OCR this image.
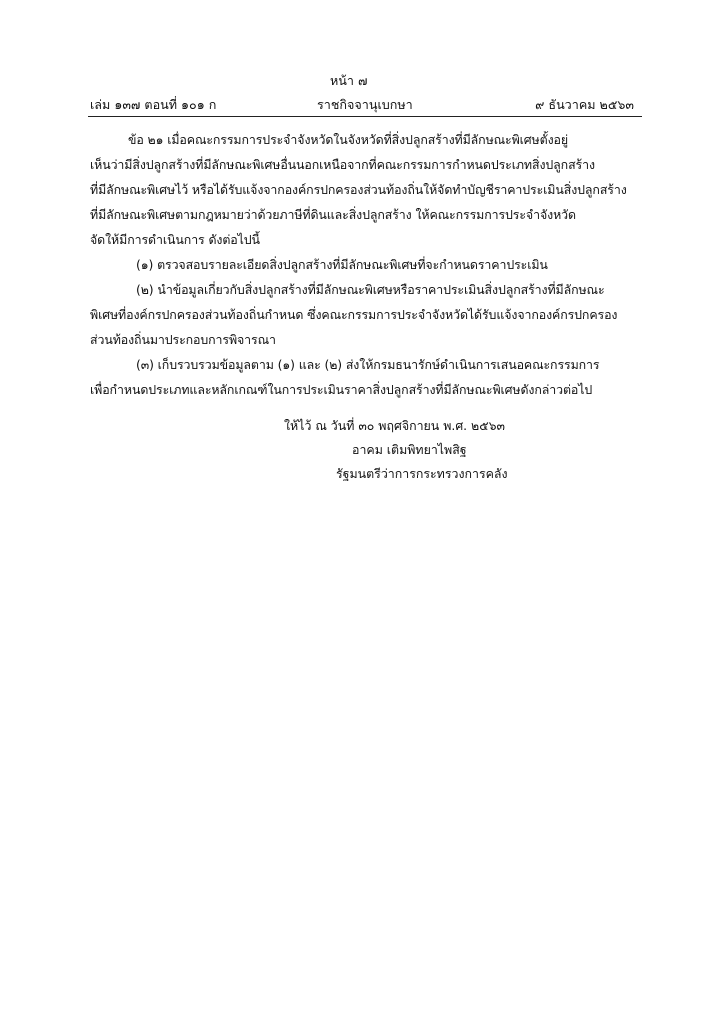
หน้า ๗
เล่ม ๑๓๗ ตอนที่ ๑๐๑ ก	ราชกิจจานุเบกษา	๙ ธันวาคม ๒๕๖๓
ข้อ ๒๑ เมื่อคณะกรรมการประจำจังหวัดในจังหวัดที่สิ่งปลูกสร้างที่มีลักษณะพิเศษตั้งอยู่
เห็นว่ามีสิ่งปลูกสร้างที่มีลักษณะพิเศษอื่นนอกเหนือจากที่คณะกรรมการกำหนดประเภทสิ่งปลูกสร้าง
ที่มีลักษณะพิเศษไว้ หรือได้รับแจ้งจากองค์กรปกครองส่วนท้องถิ่นให้จัดทำบัญชีราคาประเมินสิ่งปลูกสร้าง
ที่มีลักษณะพิเศษตามกฎหมายว่าด้วยภาษีที่ดินและสิ่งปลูกสร้าง ให้คณะกรรมการประจำจังหวัด
จัดให้มีการดำเนินการ ดังต่อไปนี้
(๑) ตรวจสอบรายละเอียดสิ่งปลูกสร้างที่มีลักษณะพิเศษที่จะกำหนดราคาประเมิน
(๒) นำข้อมูลเกี่ยวกับสิ่งปลูกสร้างที่มีลักษณะพิเศษหรือราคาประเมินสิ่งปลูกสร้างที่มีลักษณะ
พิเศษที่องค์กรปกครองส่วนท้องถิ่นกำหนด ซึ่งคณะกรรมการประจำจังหวัดได้รับแจ้งจากองค์กรปกครอง
ส่วนท้องถิ่นมาประกอบการพิจารณา
(๓) เก็บรวบรวมข้อมูลตาม (๑) และ (๒) ส่งให้กรมธนารักษ์ดำเนินการเสนอคณะกรรมการ
เพื่อกำหนดประเภทและหลักเกณฑ์ในการประเมินราคาสิ่งปลูกสร้างที่มีลักษณะพิเศษดังกล่าวต่อไป
ให้ไว้ ณ วันที่ ๓๐ พฤศจิกายน พ.ศ. ๒๕๖๓
อาคม เติมพิทยาไพสิฐ
รัฐมนตรีว่าการกระทรวงการคลัง
